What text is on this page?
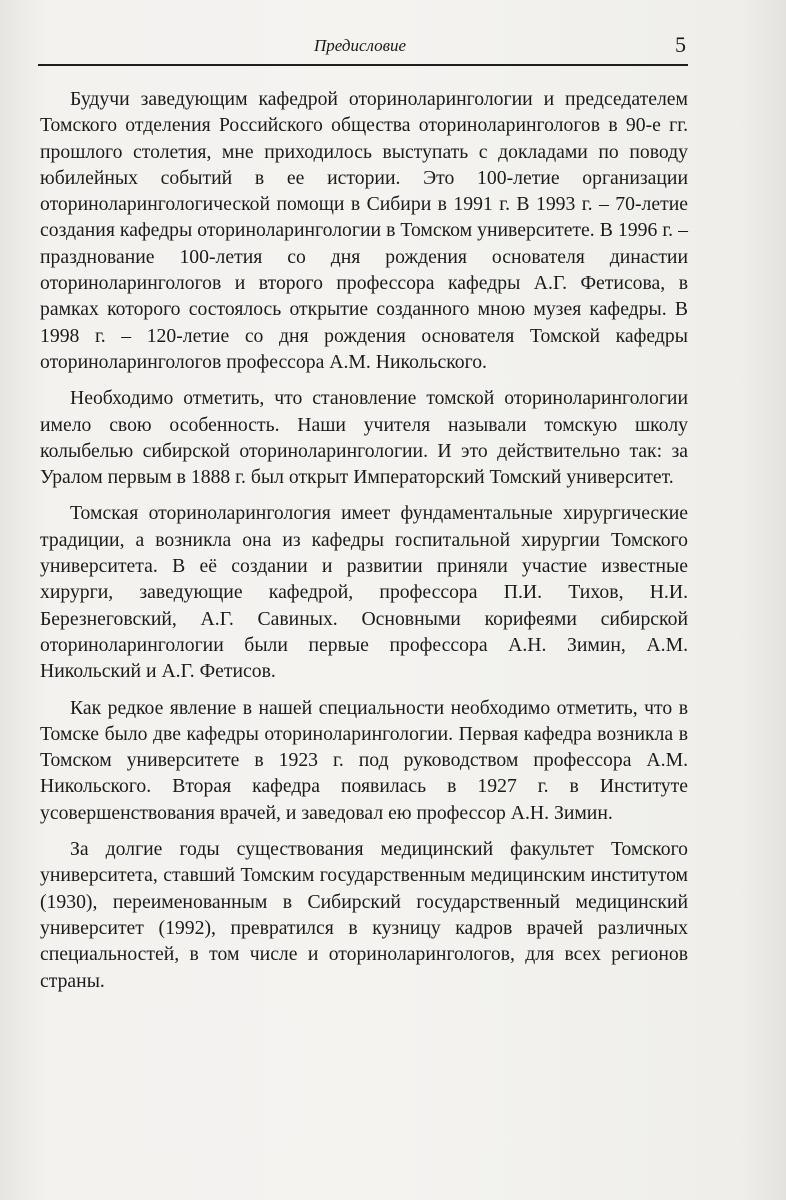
Предисловие	5

Будучи заведующим кафедрой оториноларингологии и председателем Томского отделения Российского общества оториноларингологов в 90-е гг. прошлого столетия, мне приходилось выступать с докладами по поводу юбилейных событий в ее истории. Это 100-летие организации оториноларингологической помощи в Сибири в 1991 г. В 1993 г. – 70-летие создания кафедры оториноларингологии в Томском университете. В 1996 г. – празднование 100-летия со дня рождения основателя династии оториноларингологов и второго профессора кафедры А.Г. Фетисова, в рамках которого состоялось открытие созданного мною музея кафедры. В 1998 г. – 120-летие со дня рождения основателя Томской кафедры оториноларингологов профессора А.М. Никольского.

Необходимо отметить, что становление томской оториноларингологии имело свою особенность. Наши учителя называли томскую школу колыбелью сибирской оториноларингологии. И это действительно так: за Уралом первым в 1888 г. был открыт Императорский Томский университет.

Томская оториноларингология имеет фундаментальные хирургические традиции, а возникла она из кафедры госпитальной хирургии Томского университета. В её создании и развитии приняли участие известные хирурги, заведующие кафедрой, профессора П.И. Тихов, Н.И. Березнеговский, А.Г. Савиных. Основными корифеями сибирской оториноларингологии были первые профессора А.Н. Зимин, А.М. Никольский и А.Г. Фетисов.

Как редкое явление в нашей специальности необходимо отметить, что в Томске было две кафедры оториноларингологии. Первая кафедра возникла в Томском университете в 1923 г. под руководством профессора А.М. Никольского. Вторая кафедра появилась в 1927 г. в Институте усовершенствования врачей, и заведовал ею профессор А.Н. Зимин.

За долгие годы существования медицинский факультет Томского университета, ставший Томским государственным медицинским институтом (1930), переименованным в Сибирский государственный медицинский университет (1992), превратился в кузницу кадров врачей различных специальностей, в том числе и оториноларингологов, для всех регионов страны.
